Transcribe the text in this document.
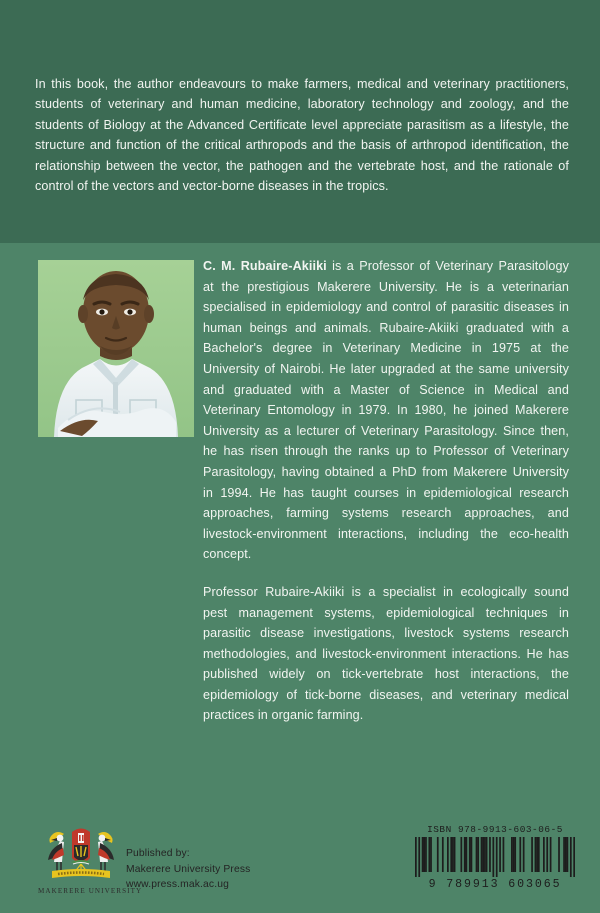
In this book, the author endeavours to make farmers, medical and veterinary practitioners, students of veterinary and human medicine, laboratory technology and zoology, and the students of Biology at the Advanced Certificate level appreciate parasitism as a lifestyle, the structure and function of the critical arthropods and the basis of arthropod identification, the relationship between the vector, the pathogen and the vertebrate host, and the rationale of control of the vectors and vector-borne diseases in the tropics.

C. M. Rubaire-Akiiki is a Professor of Veterinary Parasitology at the prestigious Makerere University. He is a veterinarian specialised in epidemiology and control of parasitic diseases in human beings and animals. Rubaire-Akiiki graduated with a Bachelor's degree in Veterinary Medicine in 1975 at the University of Nairobi. He later upgraded at the same university and graduated with a Master of Science in Medical and Veterinary Entomology in 1979. In 1980, he joined Makerere University as a lecturer of Veterinary Parasitology. Since then, he has risen through the ranks up to Professor of Veterinary Parasitology, having obtained a PhD from Makerere University in 1994. He has taught courses in epidemiological research approaches, farming systems research approaches, and livestock-environment interactions, including the eco-health concept.

Professor Rubaire-Akiiki is a specialist in ecologically sound pest management systems, epidemiological techniques in parasitic disease investigations, livestock systems research methodologies, and livestock-environment interactions. He has published widely on tick-vertebrate host interactions, the epidemiology of tick-borne diseases, and veterinary medical practices in organic farming.

MAKERERE UNIVERSITY
Published by:
Makerere University Press
www.press.mak.ac.ug
ISBN 978-9913-603-06-5
9 789913 603065
